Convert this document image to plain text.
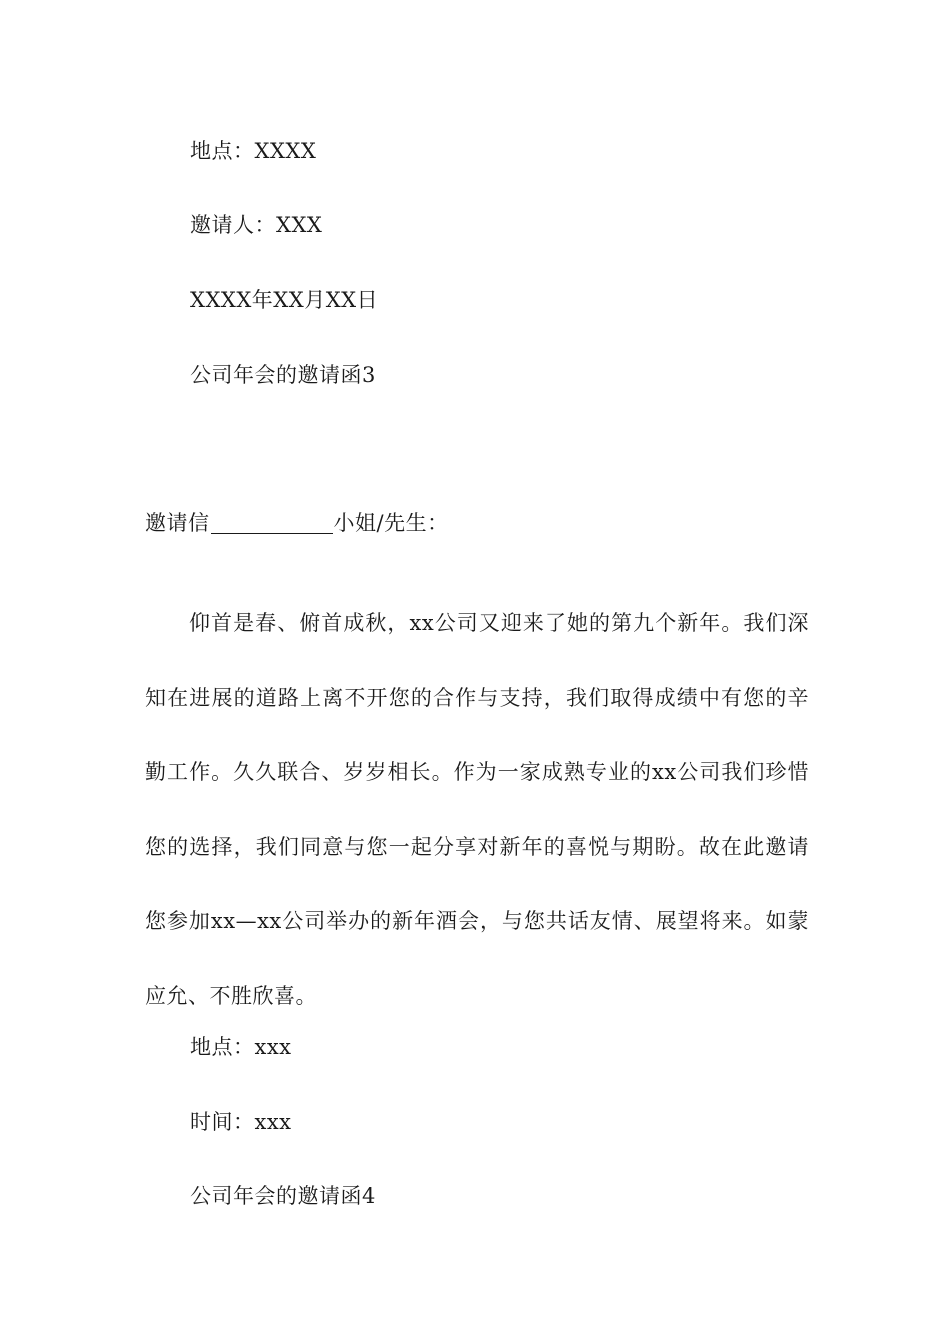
地点：XXXX
邀请人：XXX
XXXX年XX月XX日
公司年会的邀请函3
邀请信	小姐/先生：

仰首是春、俯首成秋，xx公司又迎来了她的第九个新年。我们深知在进展的道路上离不开您的合作与支持，我们取得成绩中有您的辛勤工作。久久联合、岁岁相长。作为一家成熟专业的xx公司我们珍惜您的选择，我们同意与您一起分享对新年的喜悦与期盼。故在此邀请您参加xx—xx公司举办的新年酒会，与您共话友情、展望将来。如蒙应允、不胜欣喜。

地点：xxx
时间：xxx
公司年会的邀请函4
